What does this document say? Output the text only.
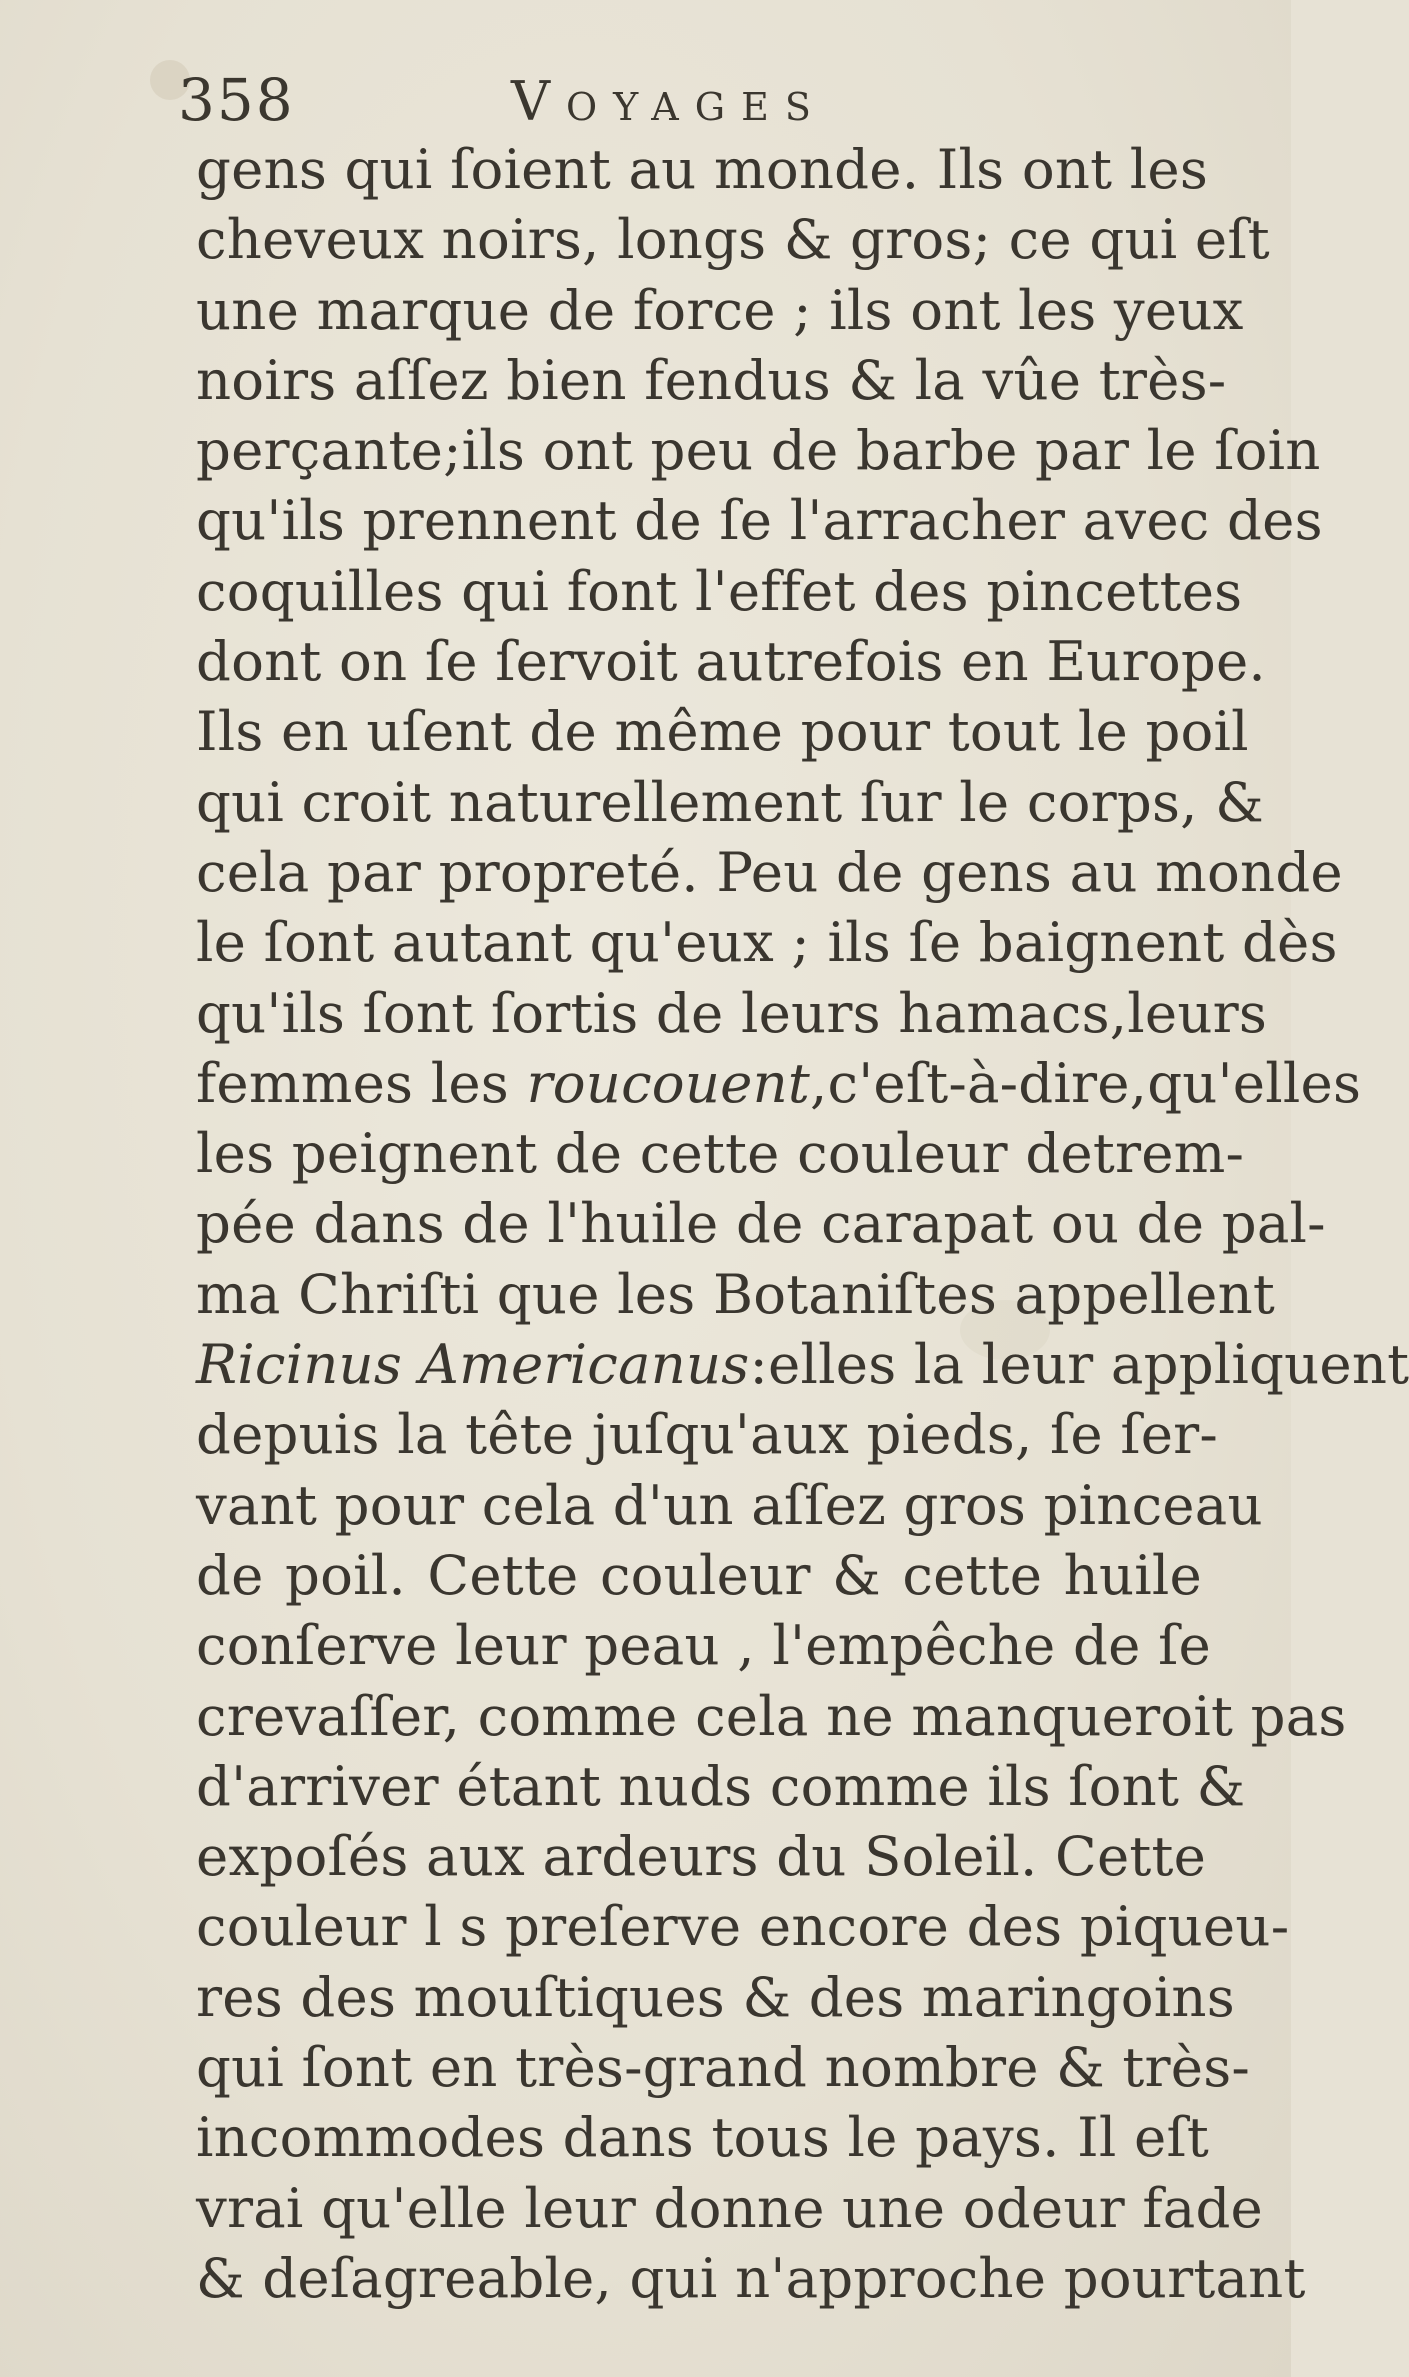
358	Voyages
gens qui ſoient au monde. Ils ont les
cheveux noirs, longs & gros; ce qui eſt
une marque de force ; ils ont les yeux
noirs aſſez bien fendus & la vûe très-
perçante;ils ont peu de barbe par le ſoin
qu'ils prennent de ſe l'arracher avec des
coquilles qui font l'effet des pincettes
dont on ſe ſervoit autrefois en Europe.
Ils en uſent de même pour tout le poil
qui croit naturellement ſur le corps, &
cela par propreté. Peu de gens au monde
le ſont autant qu'eux ; ils ſe baignent dès
qu'ils ſont ſortis de leurs hamacs,leurs
femmes les roucouent,c'eſt-à-dire,qu'elles
les peignent de cette couleur detrem-
pée dans de l'huile de carapat ou de pal-
ma Chriſti que les Botaniſtes appellent
Ricinus Americanus:elles la leur appliquent
depuis la tête juſqu'aux pieds, ſe ſer-
vant pour cela d'un aſſez gros pinceau
de poil. Cette couleur & cette huile
conſerve leur peau , l'empêche de ſe
crevaſſer, comme cela ne manqueroit pas
d'arriver étant nuds comme ils ſont &
expoſés aux ardeurs du Soleil. Cette
couleur l s preſerve encore des piqueu-
res des mouſtiques & des maringoins
qui ſont en très-grand nombre & très-
incommodes dans tous le pays. Il eſt
vrai qu'elle leur donne une odeur fade
& deſagreable, qui n'approche pourtant
